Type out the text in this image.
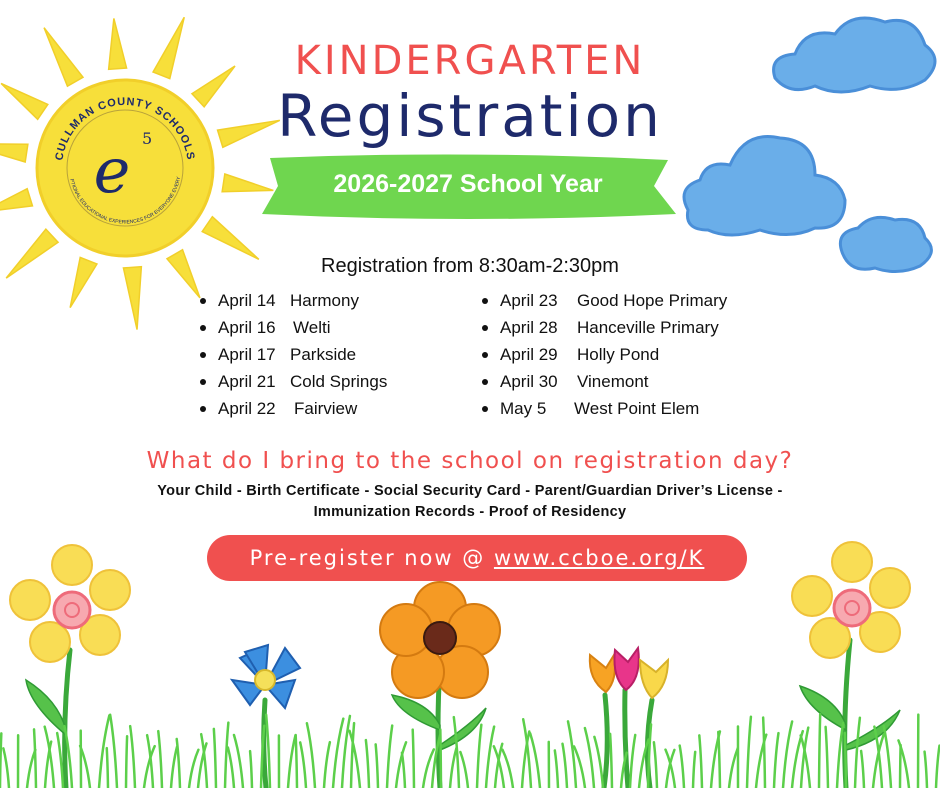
CULLMAN COUNTY SCHOOLS
PTIONAL EDUCATIONAL EXPERIENCES FOR EVERYONE EVERY
e 5
KINDERGARTEN
Registration
2026-2027 School Year
Registration from 8:30am-2:30pm
April 14 Harmony
April 16 Welti
April 17 Parkside
April 21 Cold Springs
April 22 Fairview
April 23 Good Hope Primary
April 28 Hanceville Primary
April 29 Holly Pond
April 30 Vinemont
May 5 West Point Elem
What do I bring to the school on registration day?
Your Child - Birth Certificate - Social Security Card - Parent/Guardian Driver’s License -
Immunization Records - Proof of Residency
Pre-register now @ www.ccboe.org/K
